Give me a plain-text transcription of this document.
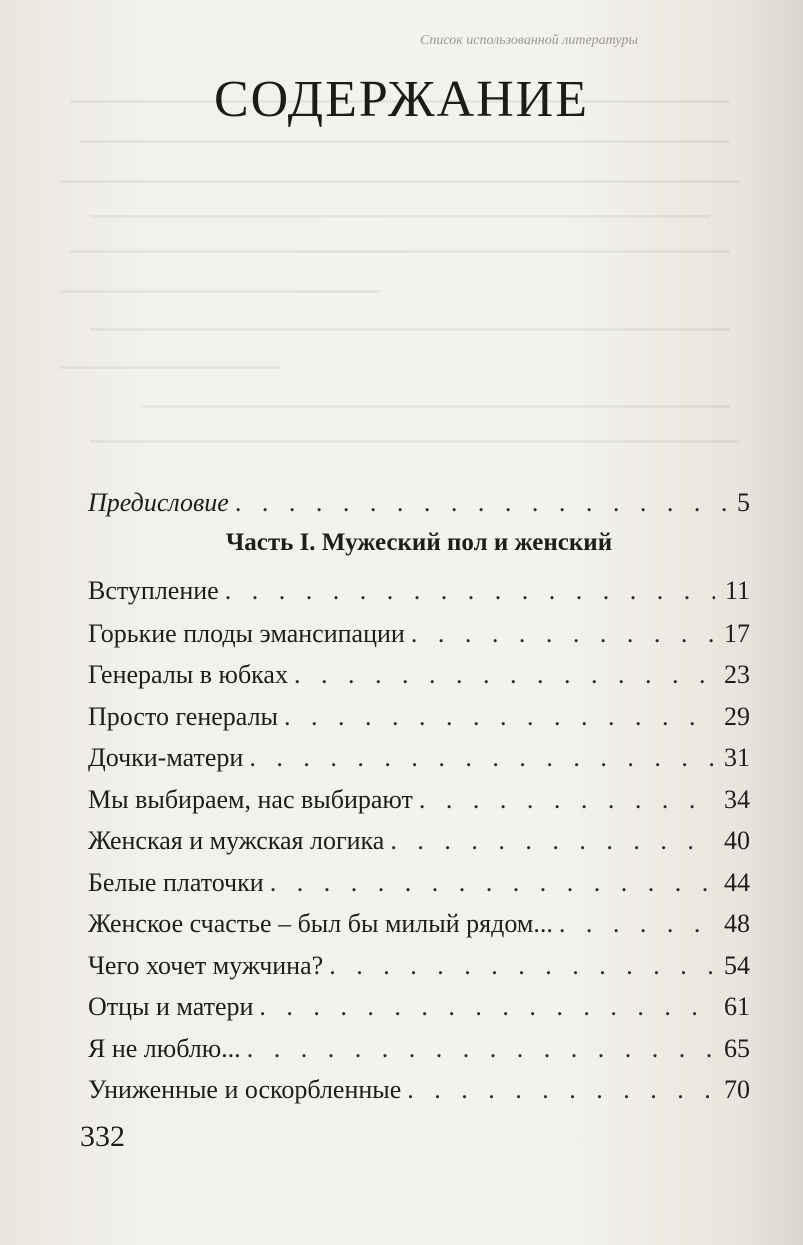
Список использованной литературы
СОДЕРЖАНИЕ
Предисловие . . .	5
Часть I. Мужеский пол и женский
Вступление . . .	11
Горькие плоды эмансипации . . .	17
Генералы в юбках . . .	23
Просто генералы . . .	29
Дочки-матери . . .	31
Мы выбираем, нас выбирают . . .	34
Женская и мужская логика . . .	40
Белые платочки . . .	44
Женское счастье – был бы милый рядом... . . .	48
Чего хочет мужчина? . . .	54
Отцы и матери . . .	61
Я не люблю... . . .	65
Униженные и оскорбленные . . .	70
332
